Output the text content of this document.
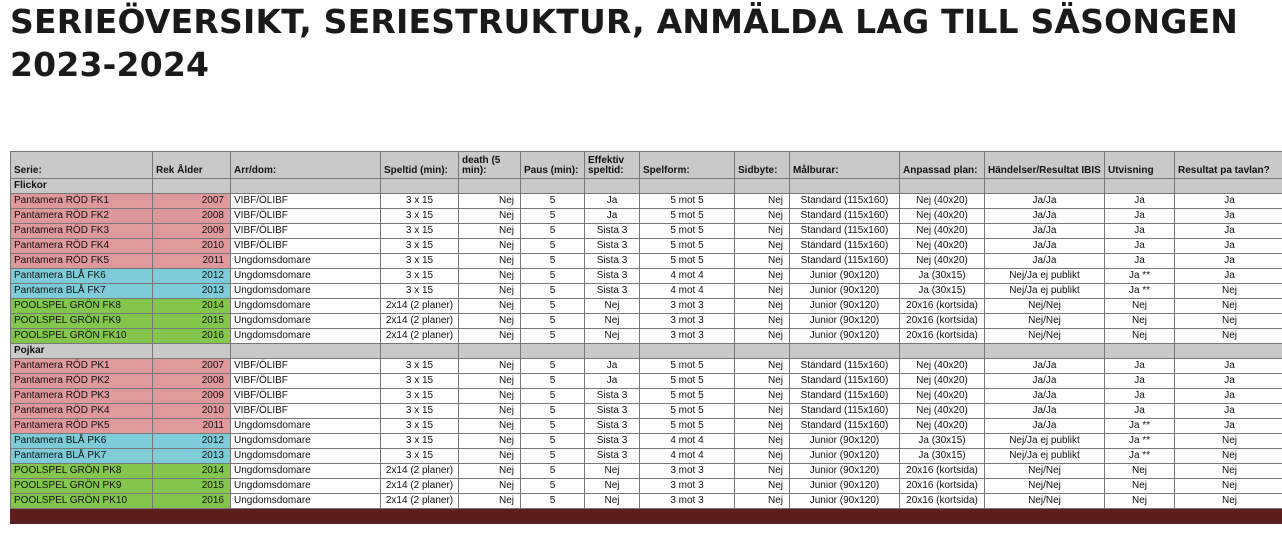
SERIEÖVERSIKT, SERIESTRUKTUR, ANMÄLDA LAG TILL SÄSONGEN 2023-2024
Serie:	Rek Ålder	Arr/dom:	Speltid (min):	death (5 min):	Paus (min):	Effektiv speltid:	Spelform:	Sidbyte:	Målburar:	Anpassad plan:	Händelser/Resultat IBIS	Utvisning	Resultat pa tavlan?
Flickor													
Pantamera RÖD FK1	2007	VIBF/ÖLIBF	3 x 15	Nej	5	Ja	5 mot 5	Nej	Standard (115x160)	Nej (40x20)	Ja/Ja	Ja	Ja
Pantamera RÖD FK2	2008	VIBF/ÖLIBF	3 x 15	Nej	5	Ja	5 mot 5	Nej	Standard (115x160)	Nej (40x20)	Ja/Ja	Ja	Ja
Pantamera RÖD FK3	2009	VIBF/ÖLIBF	3 x 15	Nej	5	Sista 3	5 mot 5	Nej	Standard (115x160)	Nej (40x20)	Ja/Ja	Ja	Ja
Pantamera RÖD FK4	2010	VIBF/ÖLIBF	3 x 15	Nej	5	Sista 3	5 mot 5	Nej	Standard (115x160)	Nej (40x20)	Ja/Ja	Ja	Ja
Pantamera RÖD FK5	2011	Ungdomsdomare	3 x 15	Nej	5	Sista 3	5 mot 5	Nej	Standard (115x160)	Nej (40x20)	Ja/Ja	Ja	Ja
Pantamera BLÅ FK6	2012	Ungdomsdomare	3 x 15	Nej	5	Sista 3	4 mot 4	Nej	Junior (90x120)	Ja (30x15)	Nej/Ja ej publikt	Ja **	Ja
Pantamera BLÅ FK7	2013	Ungdomsdomare	3 x 15	Nej	5	Sista 3	4 mot 4	Nej	Junior (90x120)	Ja (30x15)	Nej/Ja ej publikt	Ja **	Nej
POOLSPEL GRÖN FK8	2014	Ungdomsdomare	2x14 (2 planer)	Nej	5	Nej	3 mot 3	Nej	Junior (90x120)	20x16 (kortsida)	Nej/Nej	Nej	Nej
POOLSPEL GRÖN FK9	2015	Ungdomsdomare	2x14 (2 planer)	Nej	5	Nej	3 mot 3	Nej	Junior (90x120)	20x16 (kortsida)	Nej/Nej	Nej	Nej
POOLSPEL GRÖN FK10	2016	Ungdomsdomare	2x14 (2 planer)	Nej	5	Nej	3 mot 3	Nej	Junior (90x120)	20x16 (kortsida)	Nej/Nej	Nej	Nej
Pojkar													
Pantamera RÖD PK1	2007	VIBF/ÖLIBF	3 x 15	Nej	5	Ja	5 mot 5	Nej	Standard (115x160)	Nej (40x20)	Ja/Ja	Ja	Ja
Pantamera RÖD PK2	2008	VIBF/ÖLIBF	3 x 15	Nej	5	Ja	5 mot 5	Nej	Standard (115x160)	Nej (40x20)	Ja/Ja	Ja	Ja
Pantamera RÖD PK3	2009	VIBF/ÖLIBF	3 x 15	Nej	5	Sista 3	5 mot 5	Nej	Standard (115x160)	Nej (40x20)	Ja/Ja	Ja	Ja
Pantamera RÖD PK4	2010	VIBF/ÖLIBF	3 x 15	Nej	5	Sista 3	5 mot 5	Nej	Standard (115x160)	Nej (40x20)	Ja/Ja	Ja	Ja
Pantamera RÖD PK5	2011	Ungdomsdomare	3 x 15	Nej	5	Sista 3	5 mot 5	Nej	Standard (115x160)	Nej (40x20)	Ja/Ja	Ja **	Ja
Pantamera BLÅ PK6	2012	Ungdomsdomare	3 x 15	Nej	5	Sista 3	4 mot 4	Nej	Junior (90x120)	Ja (30x15)	Nej/Ja ej publikt	Ja **	Nej
Pantamera BLÅ PK7	2013	Ungdomsdomare	3 x 15	Nej	5	Sista 3	4 mot 4	Nej	Junior (90x120)	Ja (30x15)	Nej/Ja ej publikt	Ja **	Nej
POOLSPEL GRÖN PK8	2014	Ungdomsdomare	2x14 (2 planer)	Nej	5	Nej	3 mot 3	Nej	Junior (90x120)	20x16 (kortsida)	Nej/Nej	Nej	Nej
POOLSPEL GRÖN PK9	2015	Ungdomsdomare	2x14 (2 planer)	Nej	5	Nej	3 mot 3	Nej	Junior (90x120)	20x16 (kortsida)	Nej/Nej	Nej	Nej
POOLSPEL GRÖN PK10	2016	Ungdomsdomare	2x14 (2 planer)	Nej	5	Nej	3 mot 3	Nej	Junior (90x120)	20x16 (kortsida)	Nej/Nej	Nej	Nej
